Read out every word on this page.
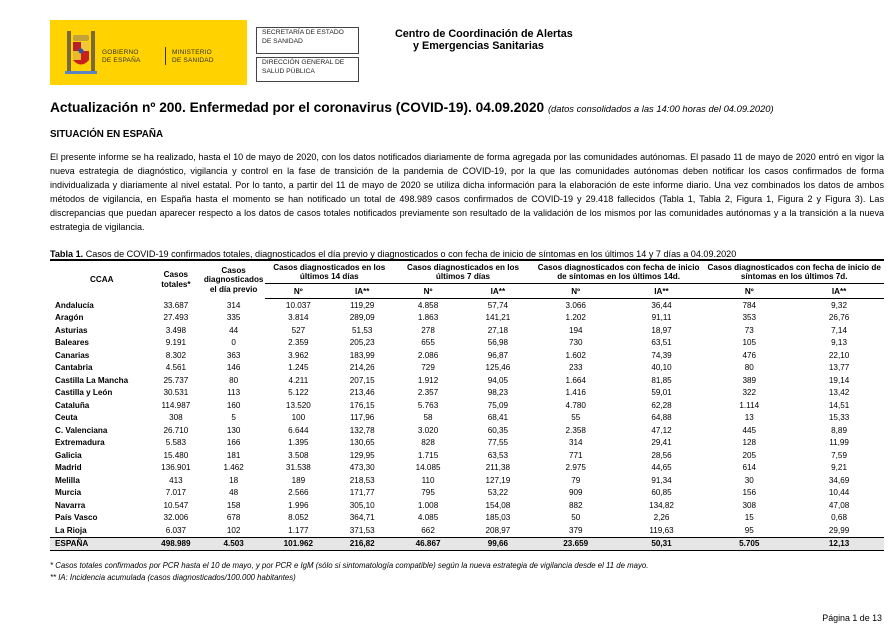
GOBIERNO
DE ESPAÑA
MINISTERIO
DE SANIDAD
SECRETARÍA DE ESTADO
DE SANIDAD
DIRECCIÓN GENERAL DE
SALUD PÚBLICA
Centro de Coordinación de Alertas
y Emergencias Sanitarias
Actualización nº 200. Enfermedad por el coronavirus (COVID-19). 04.09.2020 (datos consolidados a las 14:00 horas del 04.09.2020)
SITUACIÓN EN ESPAÑA
El presente informe se ha realizado, hasta el 10 de mayo de 2020, con los datos notificados diariamente de forma agregada por las comunidades autónomas. El pasado 11 de mayo de 2020 entró en vigor la nueva estrategia de diagnóstico, vigilancia y control en la fase de transición de la pandemia de COVID-19, por la que las comunidades autónomas deben notificar los casos confirmados de forma individualizada y diariamente al nivel estatal. Por lo tanto, a partir del 11 de mayo de 2020 se utiliza dicha información para la elaboración de este informe diario. Una vez combinados los datos de ambos métodos de vigilancia, en España hasta el momento se han notificado un total de 498.989 casos confirmados de COVID-19 y 29.418 fallecidos (Tabla 1, Tabla 2, Figura 1, Figura 2 y Figura 3). Las discrepancias que puedan aparecer respecto a los datos de casos totales notificados previamente son resultado de la validación de los mismos por las comunidades autónomas y a la transición a la nueva estrategia de vigilancia.
Tabla 1. Casos de COVID-19 confirmados totales, diagnosticados el día previo y diagnosticados o con fecha de inicio de síntomas en los últimos 14 y 7 días a 04.09.2020
CCAA	Casos totales*	Casos diagnosticados el día previo	Casos diagnosticados en los últimos 14 días		Casos diagnosticados en los últimos 7 días		Casos diagnosticados con fecha de inicio de síntomas en los últimos 14d.		Casos diagnosticados con fecha de inicio de síntomas en los últimos 7d.	
			Nº	IA**	Nº	IA**	Nº	IA**	Nº	IA**
Andalucía	33.687	314	10.037	119,29	4.858	57,74	3.066	36,44	784	9,32
Aragón	27.493	335	3.814	289,09	1.863	141,21	1.202	91,11	353	26,76
Asturias	3.498	44	527	51,53	278	27,18	194	18,97	73	7,14
Baleares	9.191	0	2.359	205,23	655	56,98	730	63,51	105	9,13
Canarias	8.302	363	3.962	183,99	2.086	96,87	1.602	74,39	476	22,10
Cantabria	4.561	146	1.245	214,26	729	125,46	233	40,10	80	13,77
Castilla La Mancha	25.737	80	4.211	207,15	1.912	94,05	1.664	81,85	389	19,14
Castilla y León	30.531	113	5.122	213,46	2.357	98,23	1.416	59,01	322	13,42
Cataluña	114.987	160	13.520	176,15	5.763	75,09	4.780	62,28	1.114	14,51
Ceuta	308	5	100	117,96	58	68,41	55	64,88	13	15,33
C. Valenciana	26.710	130	6.644	132,78	3.020	60,35	2.358	47,12	445	8,89
Extremadura	5.583	166	1.395	130,65	828	77,55	314	29,41	128	11,99
Galicia	15.480	181	3.508	129,95	1.715	63,53	771	28,56	205	7,59
Madrid	136.901	1.462	31.538	473,30	14.085	211,38	2.975	44,65	614	9,21
Melilla	413	18	189	218,53	110	127,19	79	91,34	30	34,69
Murcia	7.017	48	2.566	171,77	795	53,22	909	60,85	156	10,44
Navarra	10.547	158	1.996	305,10	1.008	154,08	882	134,82	308	47,08
País Vasco	32.006	678	8.052	364,71	4.085	185,03	50	2,26	15	0,68
La Rioja	6.037	102	1.177	371,53	662	208,97	379	119,63	95	29,99
ESPAÑA	498.989	4.503	101.962	216,82	46.867	99,66	23.659	50,31	5.705	12,13
* Casos totales confirmados por PCR hasta el 10 de mayo, y por PCR e IgM (sólo si sintomatología compatible) según la nueva estrategia de vigilancia desde el 11 de mayo.
** IA: Incidencia acumulada (casos diagnosticados/100.000 habitantes)
Página 1 de 13
